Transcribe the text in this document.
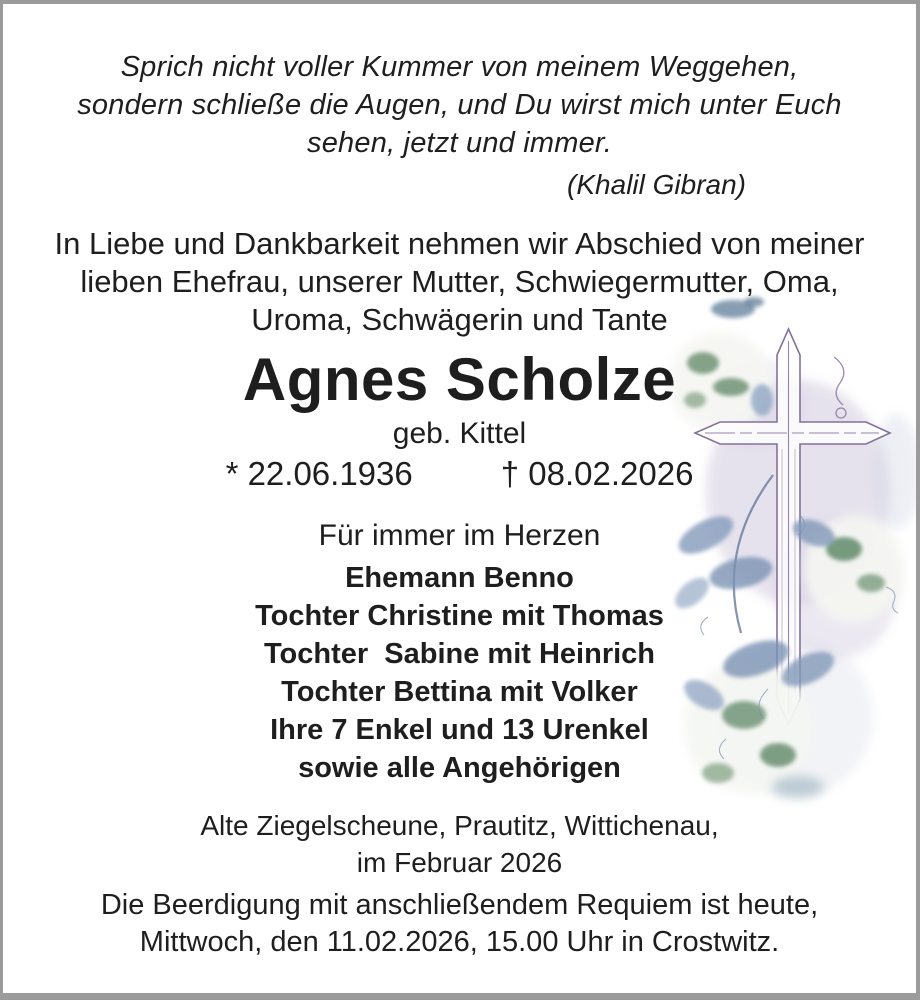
Sprich nicht voller Kummer von meinem Weggehen,
sondern schließe die Augen, und Du wirst mich unter Euch
sehen, jetzt und immer.
(Khalil Gibran)
In Liebe und Dankbarkeit nehmen wir Abschied von meiner
lieben Ehefrau, unserer Mutter, Schwiegermutter, Oma,
Uroma, Schwägerin und Tante
Agnes Scholze
geb. Kittel
* 22.06.1936	† 08.02.2026
Für immer im Herzen
Ehemann Benno
Tochter Christine mit Thomas
Tochter  Sabine mit Heinrich
Tochter Bettina mit Volker
Ihre 7 Enkel und 13 Urenkel
sowie alle Angehörigen
Alte Ziegelscheune, Prautitz, Wittichenau,
im Februar 2026
Die Beerdigung mit anschließendem Requiem ist heute,
Mittwoch, den 11.02.2026, 15.00 Uhr in Crostwitz.
